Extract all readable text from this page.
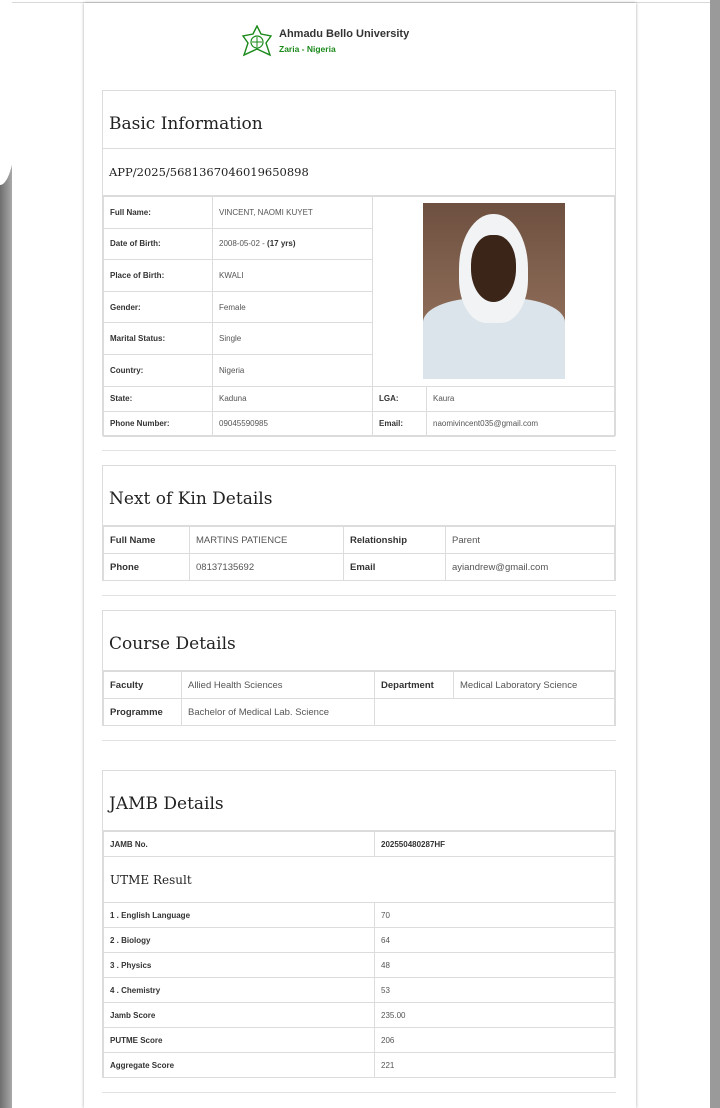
Ahmadu Bello University
Zaria - Nigeria
Basic Information
APP/2025/5681367046019650898
Full Name:	VINCENT, NAOMI KUYET		

Date of Birth:	2008-05-02 - (17 yrs)		
Place of Birth:	KWALI		
Gender:	Female		
Marital Status:	Single		
Country:	Nigeria		
State:	Kaduna	LGA:	Kaura
Phone Number:	09045590985	Email:	naomivincent035@gmail.com
Next of Kin Details
Full Name	MARTINS PATIENCE	Relationship	Parent
Phone	08137135692	Email	ayiandrew@gmail.com
Course Details
Faculty	Allied Health Sciences	Department	Medical Laboratory Science
Programme	Bachelor of Medical Lab. Science		
JAMB Details
JAMB No.	202550480287HF
UTME Result	
1 . English Language	70
2 . Biology	64
3 . Physics	48
4 . Chemistry	53
Jamb Score	235.00
PUTME Score	206
Aggregate Score	221
